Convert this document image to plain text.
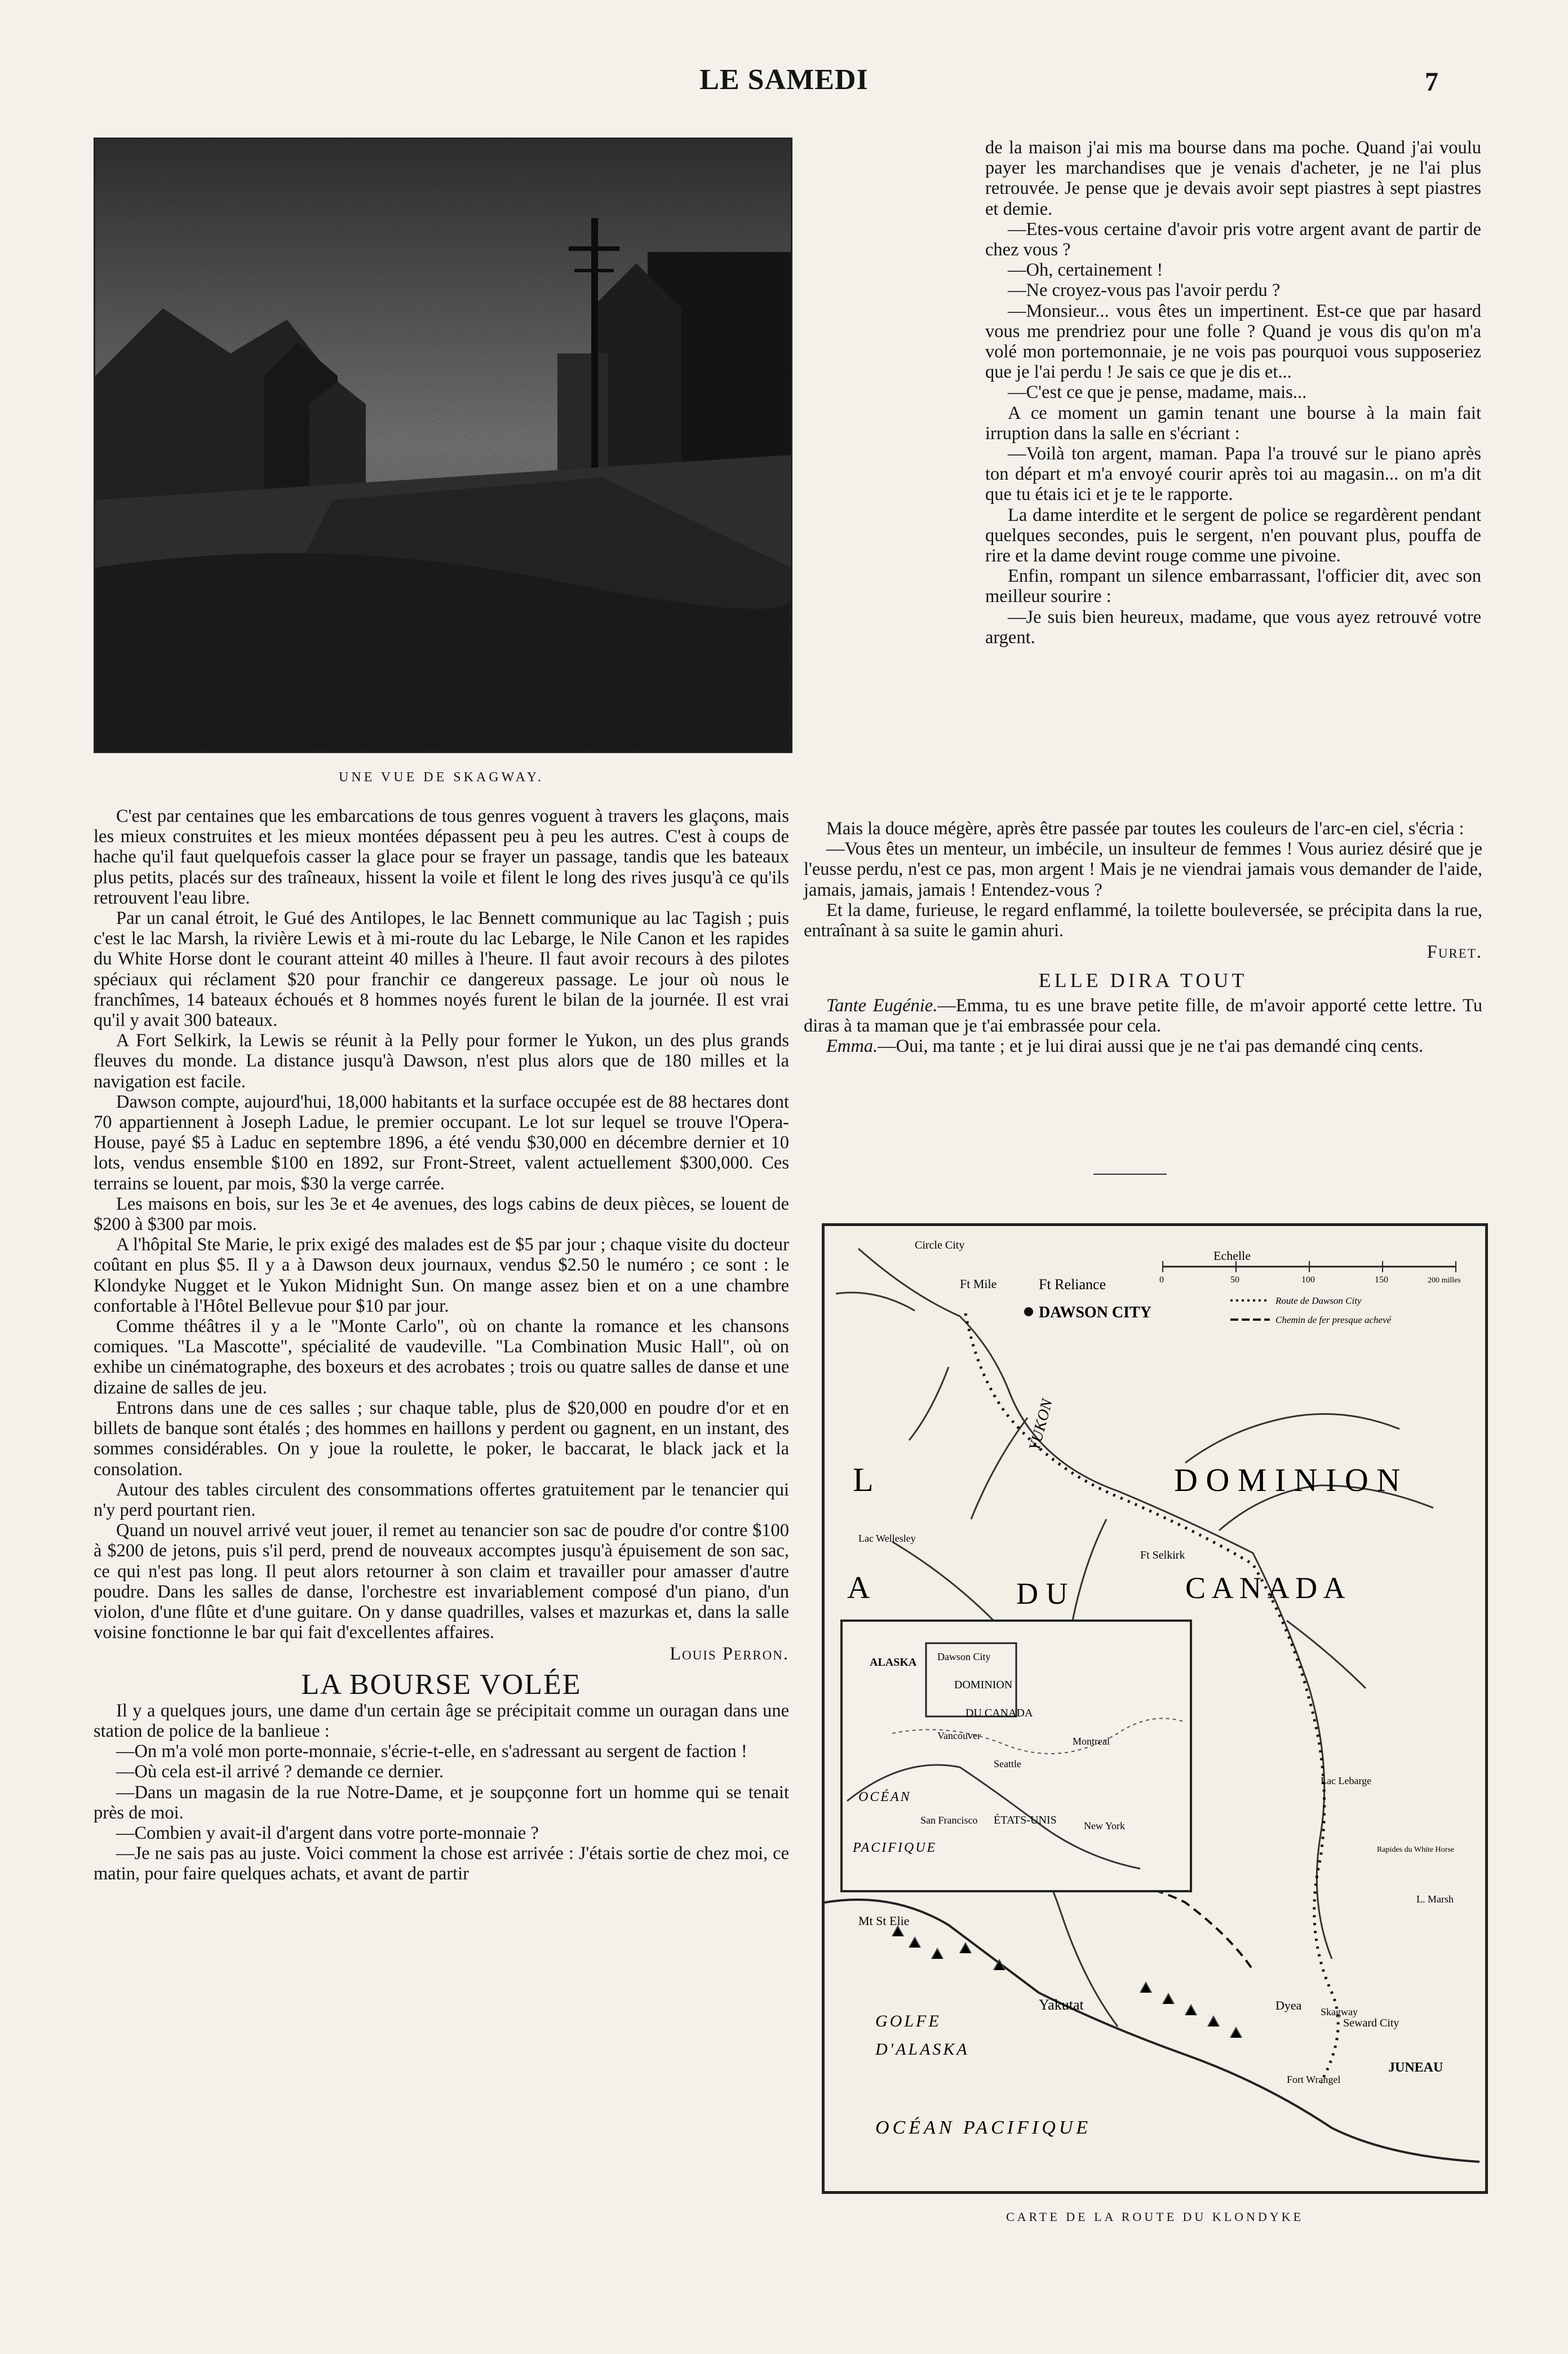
LE SAMEDI	7
UNE VUE DE SKAGWAY.

C'est par centaines que les embarcations de tous genres voguent à travers les glaçons, mais les mieux construites et les mieux montées dépassent peu à peu les autres. C'est à coups de hache qu'il faut quelquefois casser la glace pour se frayer un passage, tandis que les bateaux plus petits, placés sur des traîneaux, hissent la voile et filent le long des rives jusqu'à ce qu'ils retrouvent l'eau libre.

Par un canal étroit, le Gué des Antilopes, le lac Bennett communique au lac Tagish ; puis c'est le lac Marsh, la rivière Lewis et à mi-route du lac Lebarge, le Nile Canon et les rapides du White Horse dont le courant atteint 40 milles à l'heure. Il faut avoir recours à des pilotes spéciaux qui réclament $20 pour franchir ce dangereux passage. Le jour où nous le franchîmes, 14 bateaux échoués et 8 hommes noyés furent le bilan de la journée. Il est vrai qu'il y avait 300 bateaux.

A Fort Selkirk, la Lewis se réunit à la Pelly pour former le Yukon, un des plus grands fleuves du monde. La distance jusqu'à Dawson, n'est plus alors que de 180 milles et la navigation est facile.

Dawson compte, aujourd'hui, 18,000 habitants et la surface occupée est de 88 hectares dont 70 appartiennent à Joseph Ladue, le premier occupant. Le lot sur lequel se trouve l'Opera-House, payé $5 à Laduc en septembre 1896, a été vendu $30,000 en décembre dernier et 10 lots, vendus ensemble $100 en 1892, sur Front-Street, valent actuellement $300,000. Ces terrains se louent, par mois, $30 la verge carrée.

Les maisons en bois, sur les 3e et 4e avenues, des logs cabins de deux pièces, se louent de $200 à $300 par mois.

A l'hôpital Ste Marie, le prix exigé des malades est de $5 par jour ; chaque visite du docteur coûtant en plus $5. Il y a à Dawson deux journaux, vendus $2.50 le numéro ; ce sont : le Klondyke Nugget et le Yukon Midnight Sun. On mange assez bien et on a une chambre confortable à l'Hôtel Bellevue pour $10 par jour.

Comme théâtres il y a le "Monte Carlo", où on chante la romance et les chansons comiques. "La Mascotte", spécialité de vaudeville. "La Combination Music Hall", où on exhibe un cinématographe, des boxeurs et des acrobates ; trois ou quatre salles de danse et une dizaine de salles de jeu.

Entrons dans une de ces salles ; sur chaque table, plus de $20,000 en poudre d'or et en billets de banque sont étalés ; des hommes en haillons y perdent ou gagnent, en un instant, des sommes considérables. On y joue la roulette, le poker, le baccarat, le black jack et la consolation.

Autour des tables circulent des consommations offertes gratuitement par le tenancier qui n'y perd pourtant rien.

Quand un nouvel arrivé veut jouer, il remet au tenancier son sac de poudre d'or contre $100 à $200 de jetons, puis s'il perd, prend de nouveaux accomptes jusqu'à épuisement de son sac, ce qui n'est pas long. Il peut alors retourner à son claim et travailler pour amasser d'autre poudre. Dans les salles de danse, l'orchestre est invariablement composé d'un piano, d'un violon, d'une flûte et d'une guitare. On y danse quadrilles, valses et mazurkas et, dans la salle voisine fonctionne le bar qui fait d'excellentes affaires.

Louis Perron.

LA BOURSE VOLÉE

Il y a quelques jours, une dame d'un certain âge se précipitait comme un ouragan dans une station de police de la banlieue :

—On m'a volé mon porte-monnaie, s'écrie-t-elle, en s'adressant au sergent de faction !

—Où cela est-il arrivé ? demande ce dernier.

—Dans un magasin de la rue Notre-Dame, et je soupçonne fort un homme qui se tenait près de moi.

—Combien y avait-il d'argent dans votre porte-monnaie ?

—Je ne sais pas au juste. Voici comment la chose est arrivée : J'étais sortie de chez moi, ce matin, pour faire quelques achats, et avant de partir

de la maison j'ai mis ma bourse dans ma poche. Quand j'ai voulu payer les marchandises que je venais d'acheter, je ne l'ai plus retrouvée. Je pense que je devais avoir sept piastres à sept piastres et demie.

—Etes-vous certaine d'avoir pris votre argent avant de partir de chez vous ?

—Oh, certainement !

—Ne croyez-vous pas l'avoir perdu ?

—Monsieur... vous êtes un impertinent. Est-ce que par hasard vous me prendriez pour une folle ? Quand je vous dis qu'on m'a volé mon portemonnaie, je ne vois pas pourquoi vous supposeriez que je l'ai perdu ! Je sais ce que je dis et...

—C'est ce que je pense, madame, mais...

A ce moment un gamin tenant une bourse à la main fait irruption dans la salle en s'écriant :

—Voilà ton argent, maman. Papa l'a trouvé sur le piano après ton départ et m'a envoyé courir après toi au magasin... on m'a dit que tu étais ici et je te le rapporte.

La dame interdite et le sergent de police se regardèrent pendant quelques secondes, puis le sergent, n'en pouvant plus, pouffa de rire et la dame devint rouge comme une pivoine.

Enfin, rompant un silence embarrassant, l'officier dit, avec son meilleur sourire :

—Je suis bien heureux, madame, que vous ayez retrouvé votre argent.

Mais la douce mégère, après être passée par toutes les couleurs de l'arc-en ciel, s'écria :

—Vous êtes un menteur, un imbécile, un insulteur de femmes ! Vous auriez désiré que je l'eusse perdu, n'est ce pas, mon argent ! Mais je ne viendrai jamais vous demander de l'aide, jamais, jamais, jamais ! Entendez-vous ?

Et la dame, furieuse, le regard enflammé, la toilette bouleversée, se précipita dans la rue, entraînant à sa suite le gamin ahuri.

Furet.

ELLE DIRA TOUT

Tante Eugénie.—Emma, tu es une brave petite fille, de m'avoir apporté cette lettre. Tu diras à ta maman que je t'ai embrassée pour cela.

Emma.—Oui, ma tante ; et je lui dirai aussi que je ne t'ai pas demandé cinq cents.

Echelle
0	50	100	150	200 milles
Route de Dawson City
Chemin de fer presque achevé
Circle City
Ft Mile	Ft Reliance
DAWSON CITY
L
A
YUKON
D O M I N I O N
D U	C A N A D A
Lac Wellesley
Ft Selkirk
Lac Lebarge
Rapides du White Horse
L. Marsh
Skagway
Dyea
Yakutat
Mt St Elie
GOLFE
D'ALASKA
OCÉAN PACIFIQUE
Fort Wrangel
Seward City
JUNEAU
ALASKA Dawson City
DOMINION
DU CANADA
Vancouver	Montreal
Seattle
OCÉAN
PACIFIQUE
San Francisco ÉTATS-UNIS	New York
CARTE DE LA ROUTE DU KLONDYKE
